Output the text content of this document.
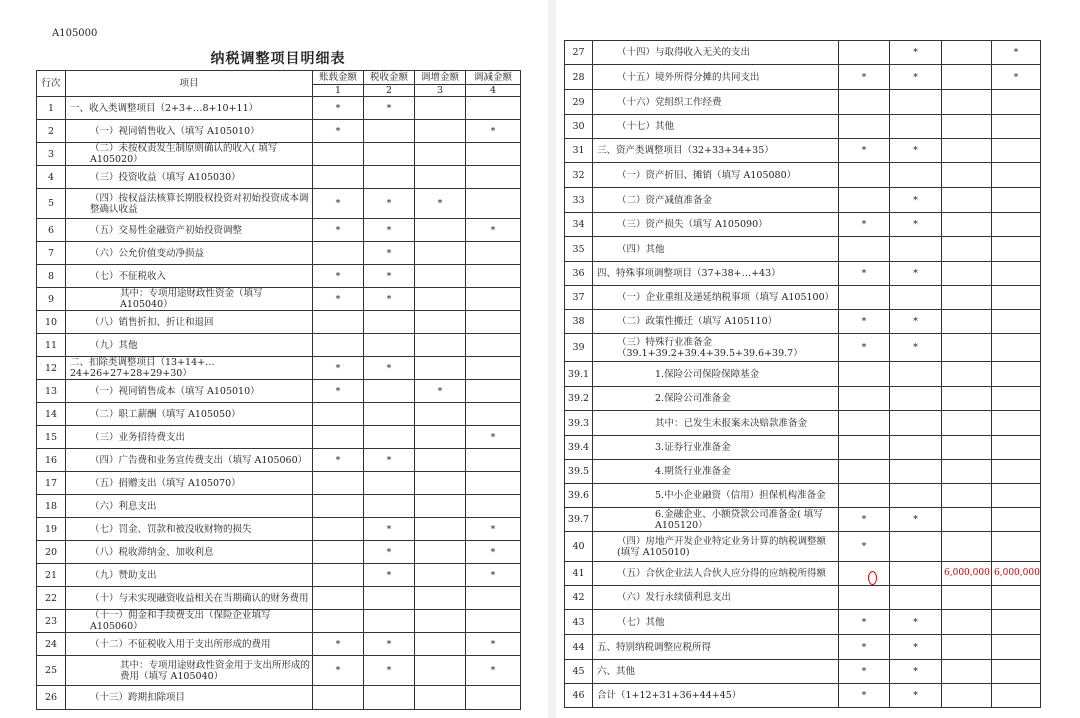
A105000
纳税调整项目明细表
行次	项目	账载金额	税收金额	调增金额	调减金额
		1	2	3	4
1	一、收入类调整项目（2+3+…8+10+11）	*	*		
2	（一）视同销售收入（填写 A105010）	*			*
3	（二）未按权责发生制原则确认的收入( 填写 A105020）				
4	（三）投资收益（填写 A105030）				
5	（四）按权益法核算长期股权投资对初始投资成本调整确认收益	*	*	*	
6	（五）交易性金融资产初始投资调整	*	*		*
7	（六）公允价值变动净损益		*		
8	（七）不征税收入	*	*		
9	其中：专项用途财政性资金（填写 A105040）	*	*		
10	（八）销售折扣、折让和退回				
11	（九）其他				
12	二、扣除类调整项目（13+14+…24+26+27+28+29+30）	*	*		
13	（一）视同销售成本（填写 A105010）	*		*	
14	（二）职工薪酬（填写 A105050）				
15	（三）业务招待费支出				*
16	（四）广告费和业务宣传费支出（填写 A105060）	*	*		
17	（五）捐赠支出（填写 A105070）				
18	（六）利息支出				
19	（七）罚金、罚款和被没收财物的损失		*		*
20	（八）税收滞纳金、加收利息		*		*
21	（九）赞助支出		*		*
22	（十）与未实现融资收益相关在当期确认的财务费用				
23	（十一）佣金和手续费支出（保险企业填写 A105060）				
24	（十二）不征税收入用于支出所形成的费用	*	*		*
25	其中：专项用途财政性资金用于支出所形成的费用（填写 A105040）	*	*		*
26	（十三）跨期扣除项目				
27	（十四）与取得收入无关的支出		*		*
28	（十五）境外所得分摊的共同支出	*	*		*
29	（十六）党组织工作经费				
30	（十七）其他				
31	三、资产类调整项目（32+33+34+35）	*	*		
32	（一）资产折旧、摊销（填写 A105080）				
33	（二）资产减值准备金		*		
34	（三）资产损失（填写 A105090）	*	*		
35	（四）其他				
36	四、特殊事项调整项目（37+38+…+43）	*	*		
37	（一）企业重组及递延纳税事项（填写 A105100）				
38	（二）政策性搬迁（填写 A105110）	*	*		
39	（三）特殊行业准备金（39.1+39.2+39.4+39.5+39.6+39.7）	*	*		
39.1	1.保险公司保险保障基金				
39.2	2.保险公司准备金				
39.3	其中：已发生未报案未决赔款准备金				
39.4	3.证券行业准备金				
39.5	4.期货行业准备金				
39.6	5.中小企业融资（信用）担保机构准备金				
39.7	6.金融企业、小额贷款公司准备金( 填写 A105120）	*	*		
40	（四）房地产开发企业特定业务计算的纳税调整额(填写 A105010)	*			
41	（五）合伙企业法人合伙人应分得的应纳税所得额			6,000,000	6,000,000
42	（六）发行永续债利息支出				
43	（七）其他	*	*		
44	五、特别纳税调整应税所得	*	*		
45	六、其他	*	*		
46	合计（1+12+31+36+44+45）	*	*		
